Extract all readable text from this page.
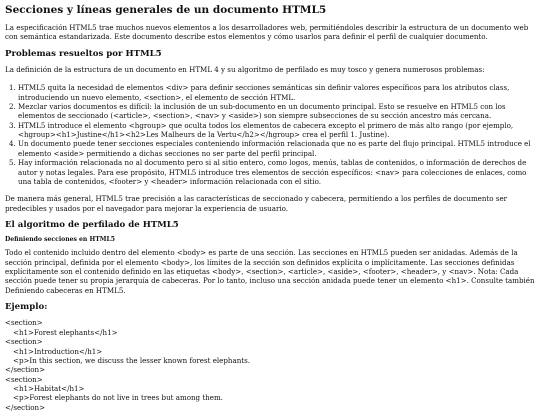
Secciones y líneas generales de un documento HTML5

La especificación HTML5 trae muchos nuevos elementos a los desarrolladores web, permitiéndoles describir la estructura de un documento web con semántica estandarizada. Este documento describe estos elementos y cómo usarlos para definir el perfil de cualquier documento.

Problemas resueltos por HTML5

La definición de la estructura de un documento en HTML 4 y su algoritmo de perfilado es muy tosco y genera numerosos problemas:

1. HTML5 quita la necesidad de elementos <div> para definir secciones semánticas sin definir valores específicos para los atributos class, introduciendo un nuevo elemento, <section>, el elemento de sección HTML.
2. Mezclar varios documentos es difícil: la inclusión de un sub-documento en un documento principal. Esto se resuelve en HTML5 con los elementos de seccionado (<article>, <section>, <nav> y <aside>) son siempre subsecciones de su sección ancestro más cercana.
3. HTML5 introduce el elemento <hgroup> que oculta todos los elementos de cabecera excepto el primero de más alto rango (por ejemplo, <hgroup><h1>Justine</h1><h2>Les Malheurs de la Vertu</h2></hgroup> crea el perfil 1. Justine).
4. Un documento puede tener secciones especiales conteniendo información relacionada que no es parte del flujo principal. HTML5 introduce el elemento <aside> permitiendo a dichas secciones no ser parte del perfil principal.
5. Hay información relacionada no al documento pero si al sitio entero, como logos, menús, tablas de contenidos, o información de derechos de autor y notas legales. Para ese propósito, HTML5 introduce tres elementos de sección específicos: <nav> para colecciones de enlaces, como una tabla de contenidos, <footer> y <header> información relacionada con el sitio.

De manera más general, HTML5 trae precisión a las características de seccionado y cabecera, permitiendo a los perfiles de documento ser predecibles y usados por el navegador para mejorar la experiencia de usuario.

El algoritmo de perfilado de HTML5
Definiendo secciones en HTML5

Todo el contenido incluido dentro del elemento <body> es parte de una sección. Las secciones en HTML5 pueden ser anidadas. Además de la sección principal, definida por el elemento <body>, los límites de la sección son definidos explícita o implícitamente. Las secciones definidas explícitamente son el contenido definido en las etiquetas <body>, <section>, <article>, <aside>, <footer>, <header>, y <nav>. Nota: Cada sección puede tener su propia jerarquía de cabeceras. Por lo tanto, incluso una sección anidada puede tener un elemento <h1>. Consulte también Definiendo cabeceras en HTML5.

Ejemplo:
<section>
<h1>Forest elephants</h1>
<section>
<h1>Introduction</h1>
<p>In this section, we discuss the lesser known forest elephants.
</section>
<section>
<h1>Habitat</h1>
<p>Forest elephants do not live in trees but among them.
</section>
